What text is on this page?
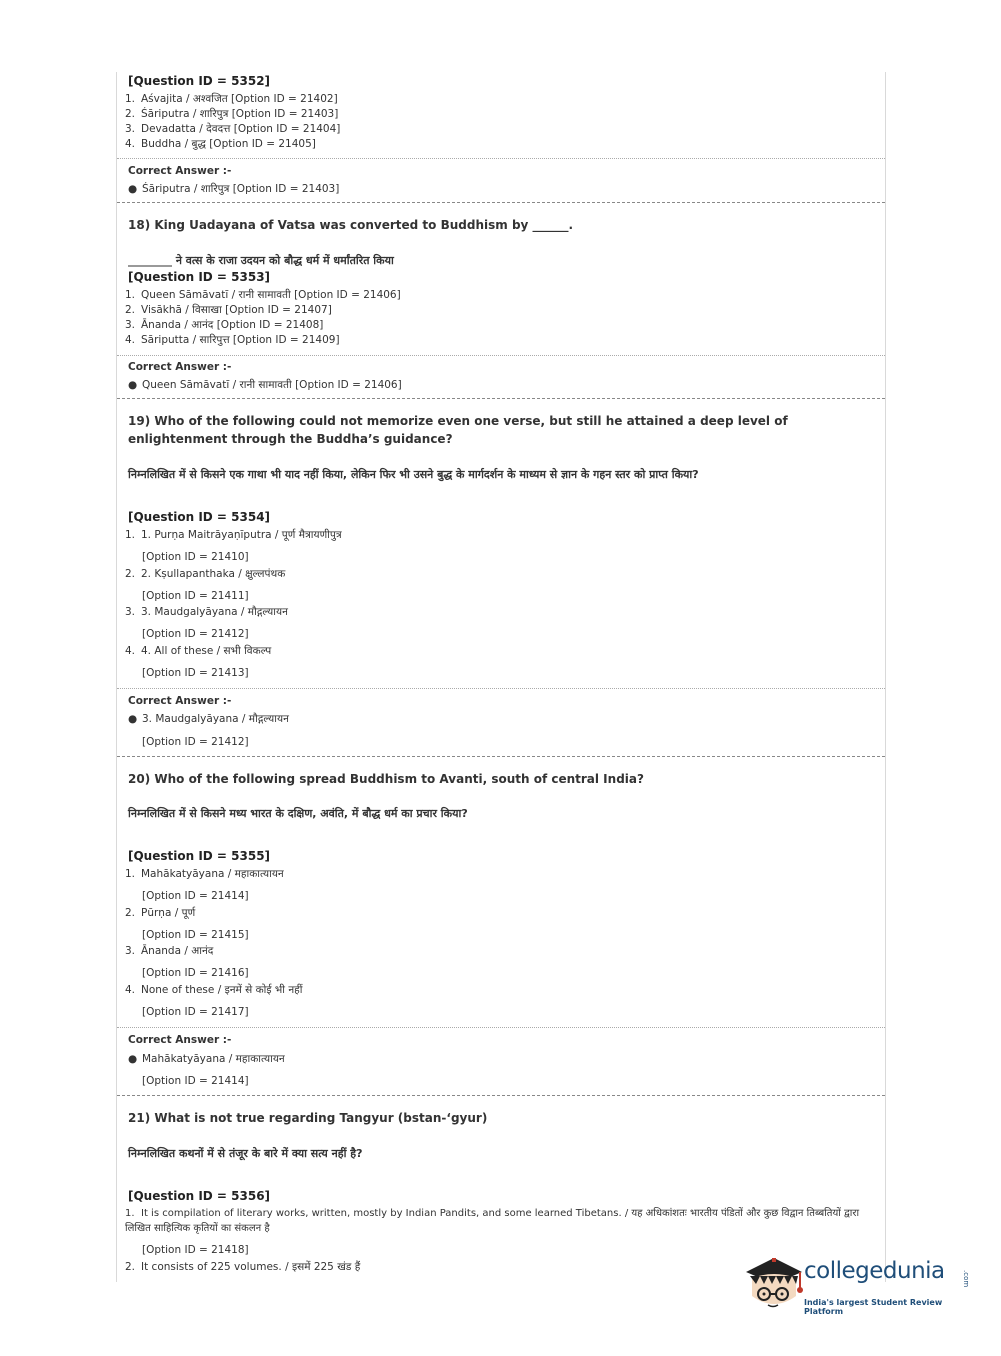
[Question ID = 5352]
1. Aśvajita / अश्वजित [Option ID = 21402]
2. Śāriputra / शारिपुत्र [Option ID = 21403]
3. Devadatta / देवदत्त [Option ID = 21404]
4. Buddha / बुद्ध [Option ID = 21405]
Correct Answer :-
● Śāriputra / शारिपुत्र [Option ID = 21403]
18) King Uadayana of Vatsa was converted to Buddhism by ______.
________ ने वत्स के राजा उदयन को बौद्ध धर्म में धर्मांतरित किया
[Question ID = 5353]
1. Queen Sāmāvatī / रानी सामावती [Option ID = 21406]
2. Visākhā / विसाखा [Option ID = 21407]
3. Ānanda / आनंद [Option ID = 21408]
4. Sāriputta / सारिपुत्त [Option ID = 21409]
Correct Answer :-
● Queen Sāmāvatī / रानी सामावती [Option ID = 21406]
19) Who of the following could not memorize even one verse, but still he attained a deep level of enlightenment through the Buddha’s guidance?
निम्नलिखित में से किसने एक गाथा भी याद नहीं किया, लेकिन फिर भी उसने बुद्ध के मार्गदर्शन के माध्यम से ज्ञान के गहन स्तर को प्राप्त किया?
[Question ID = 5354]
1. 1. Purṇa Maitrāyaṇīputra / पूर्ण मैत्रायणीपुत्र
[Option ID = 21410]
2. 2. Kṣullapanthaka / क्षुल्लपंथक
[Option ID = 21411]
3. 3. Maudgalyāyana / मौद्गल्यायन
[Option ID = 21412]
4. 4. All of these / सभी विकल्प
[Option ID = 21413]
Correct Answer :-
● 3. Maudgalyāyana / मौद्गल्यायन
[Option ID = 21412]
20) Who of the following spread Buddhism to Avanti, south of central India?
निम्नलिखित में से किसने मध्य भारत के दक्षिण, अवंति, में बौद्ध धर्म का प्रचार किया?
[Question ID = 5355]
1. Mahākatyāyana / महाकात्यायन
[Option ID = 21414]
2. Pūrṇa / पूर्ण
[Option ID = 21415]
3. Ānanda / आनंद
[Option ID = 21416]
4. None of these / इनमें से कोई भी नहीं
[Option ID = 21417]
Correct Answer :-
● Mahākatyāyana / महाकात्यायन
[Option ID = 21414]
21) What is not true regarding Tangyur (bstan-‘gyur)
निम्नलिखित कथनों में से तंजूर के बारे में क्या सत्य नहीं है?
[Question ID = 5356]
1. It is compilation of literary works, written, mostly by Indian Pandits, and some learned Tibetans. / यह अधिकांशतः भारतीय पंडितों और कुछ विद्वान तिब्बतियों द्वारा लिखित साहित्यिक कृतियों का संकलन है
[Option ID = 21418]
2. It consists of 225 volumes. / इसमें 225 खंड हैं	collegedunia .com
India's largest Student Review Platform
